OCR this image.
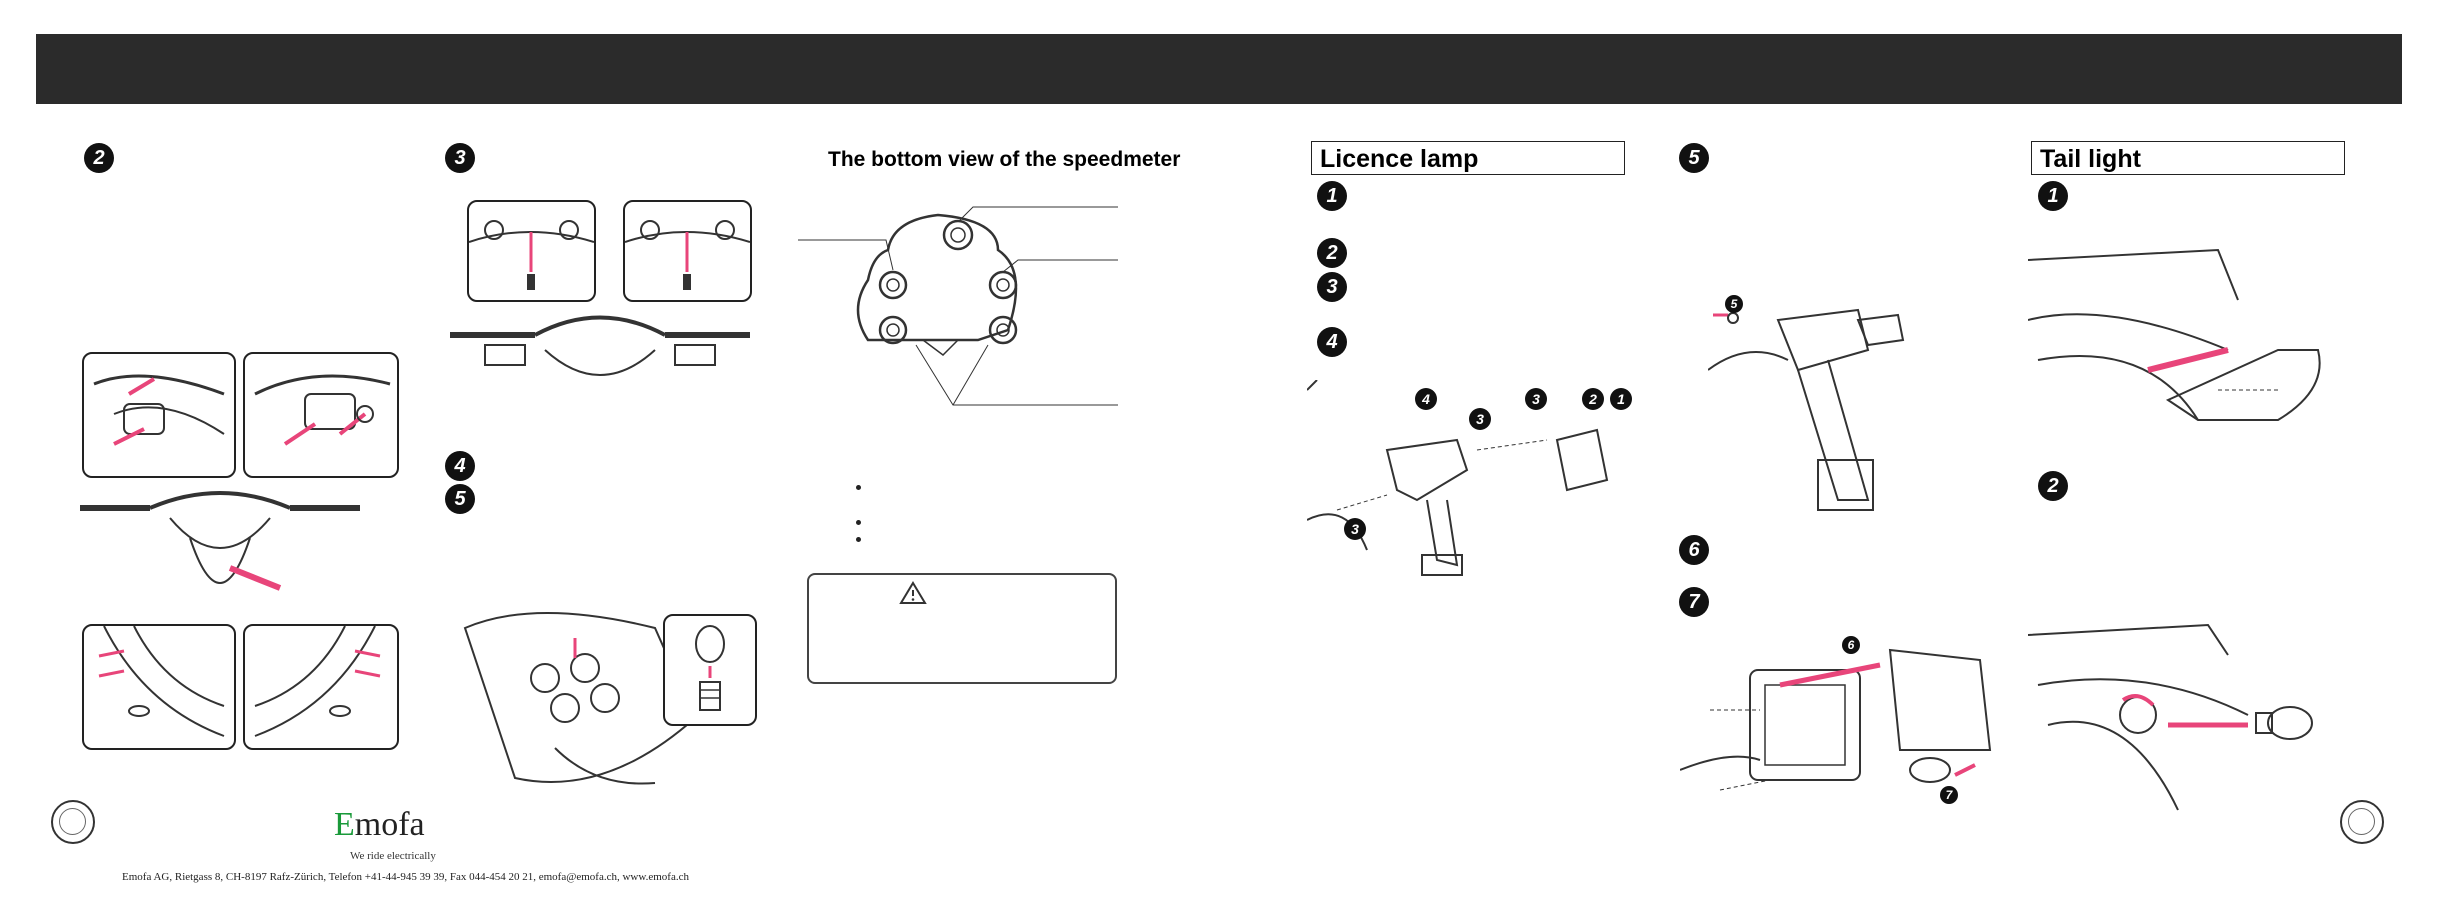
2	3
4
5
The bottom view of the speedmeter	Licence lamp
1
2
3
4
4
3
3	2	1
3
5
5
6
7
6
7
Tail light
1
2
Emofa
We ride electrically
Emofa AG, Rietgass 8, CH-8197 Rafz-Zürich, Telefon +41-44-945 39 39, Fax 044-454 20 21, emofa@emofa.ch, www.emofa.ch
